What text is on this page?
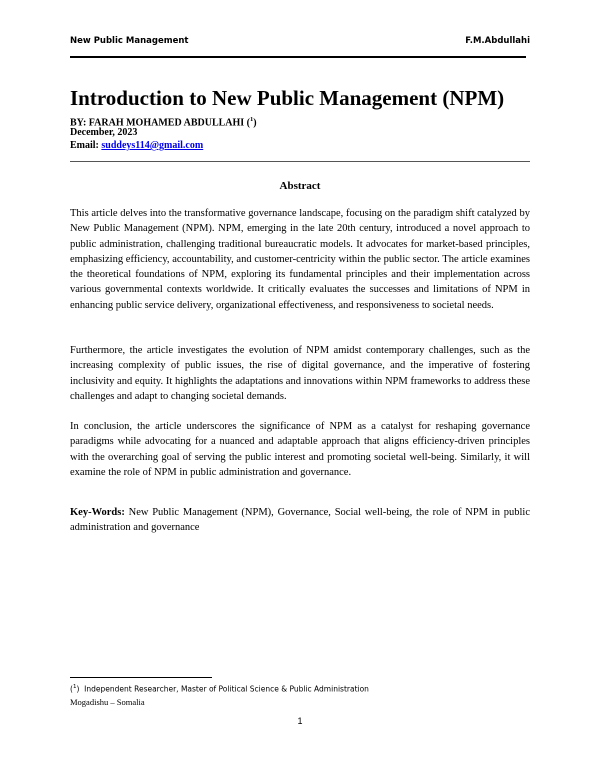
New Public Management	F.M.Abdullahi
Introduction to New Public Management (NPM)
BY: FARAH MOHAMED ABDULLAHI ($^1$)
December, 2023
Email: suddeys114@gmail.com
Abstract

This article delves into the transformative governance landscape, focusing on the paradigm shift catalyzed by New Public Management (NPM). NPM, emerging in the late 20th century, introduced a novel approach to public administration, challenging traditional bureaucratic models. It advocates for market-based principles, emphasizing efficiency, accountability, and customer-centricity within the public sector. The article examines the theoretical foundations of NPM, exploring its fundamental principles and their implementation across various governmental contexts worldwide. It critically evaluates the successes and limitations of NPM in enhancing public service delivery, organizational effectiveness, and responsiveness to societal needs.

Furthermore, the article investigates the evolution of NPM amidst contemporary challenges, such as the increasing complexity of public issues, the rise of digital governance, and the imperative of fostering inclusivity and equity. It highlights the adaptations and innovations within NPM frameworks to address these challenges and adapt to changing societal demands.

In conclusion, the article underscores the significance of NPM as a catalyst for reshaping governance paradigms while advocating for a nuanced and adaptable approach that aligns efficiency-driven principles with the overarching goal of serving the public interest and promoting societal well-being. Similarly, it will examine the role of NPM in public administration and governance.

Key-Words: New Public Management (NPM), Governance, Social well-being, the role of NPM in public administration and governance

($^1$) Independent Researcher, Master of Political Science & Public Administration
Mogadishu – Somalia
1
